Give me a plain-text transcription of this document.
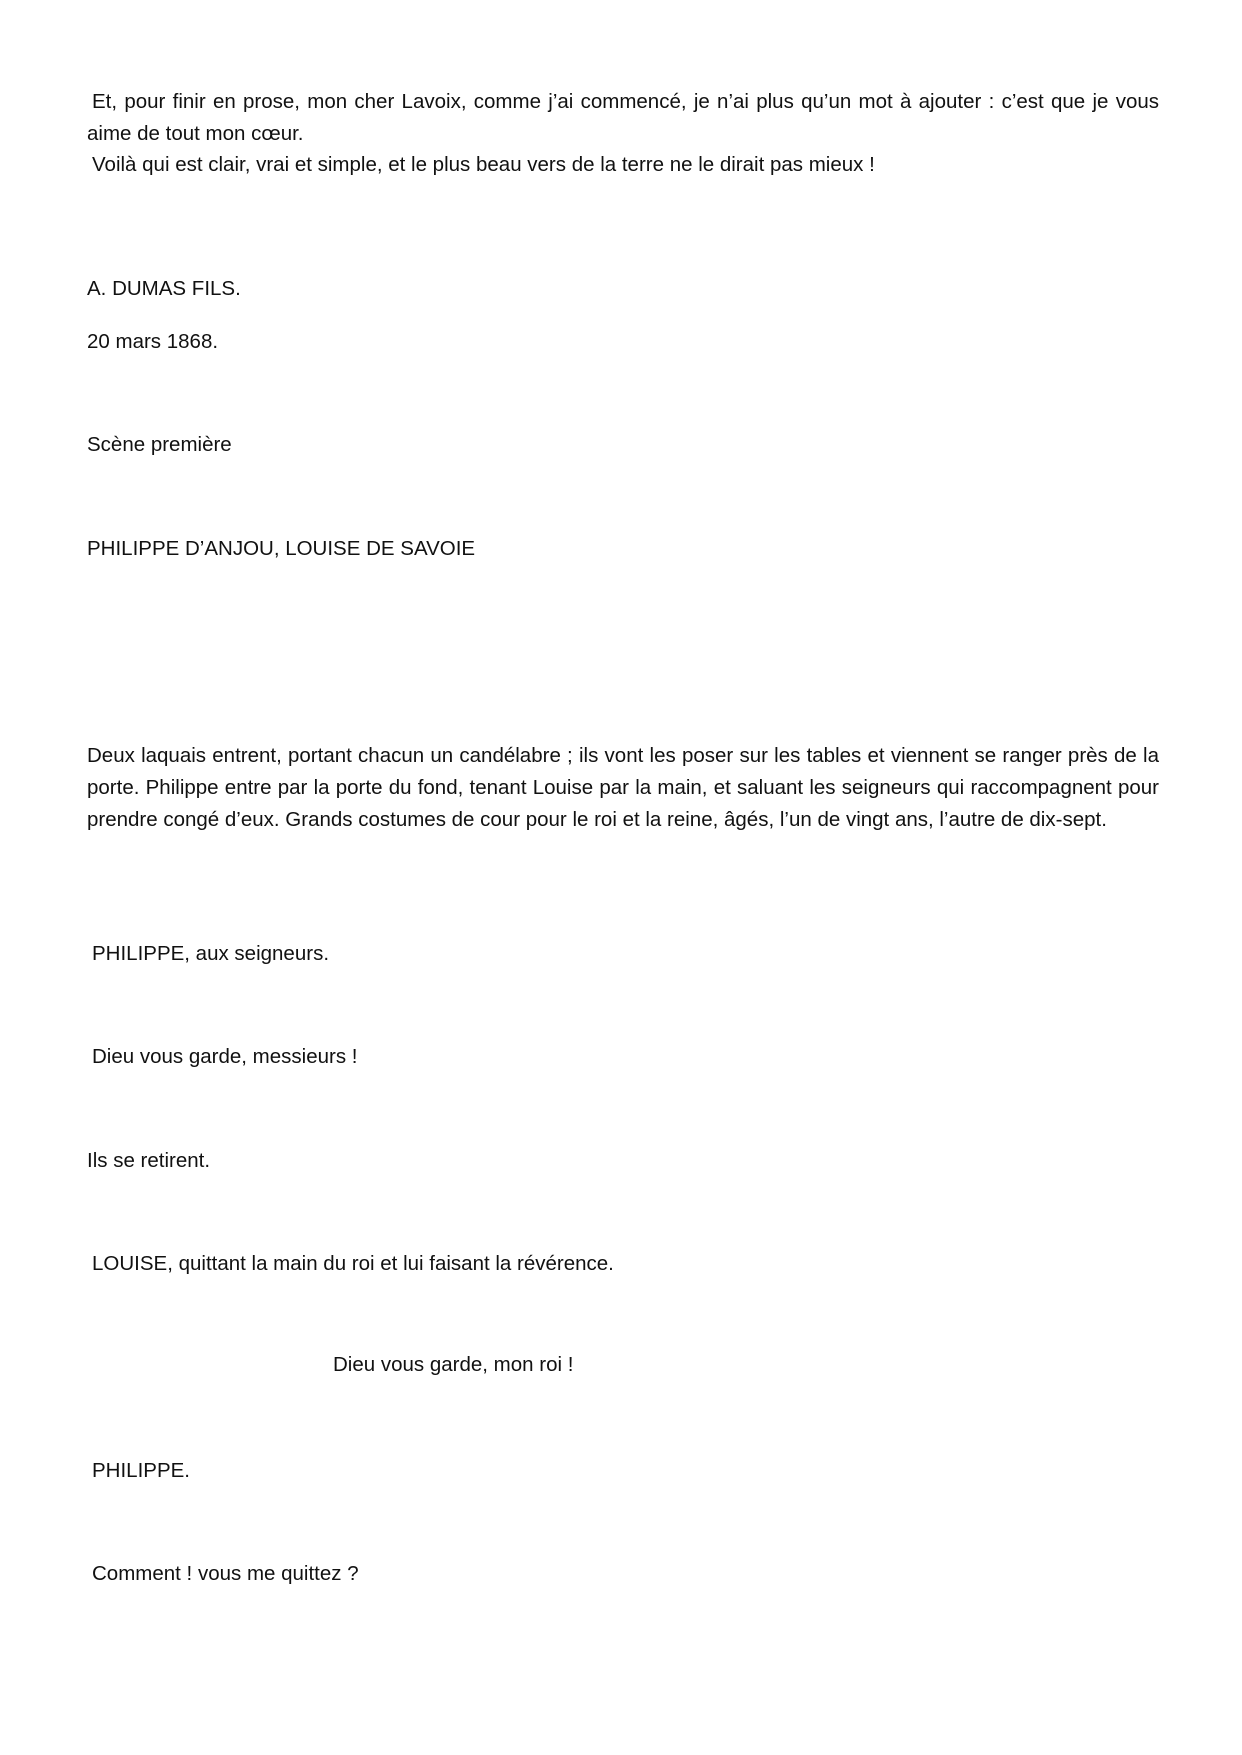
Et, pour finir en prose, mon cher Lavoix, comme j’ai commencé, je n’ai plus qu’un mot à ajouter : c’est que je vous aime de tout mon cœur.

Voilà qui est clair, vrai et simple, et le plus beau vers de la terre ne le dirait pas mieux !

A. DUMAS FILS.

20 mars 1868.

Scène première

PHILIPPE D’ANJOU, LOUISE DE SAVOIE

Deux laquais entrent, portant chacun un candélabre ; ils vont les poser sur les tables et viennent se ranger près de la porte. Philippe entre par la porte du fond, tenant Louise par la main, et saluant les seigneurs qui raccompagnent pour prendre congé d’eux. Grands costumes de cour pour le roi et la reine, âgés, l’un de vingt ans, l’autre de dix-sept.

PHILIPPE, aux seigneurs.

Dieu vous garde, messieurs !

Ils se retirent.

LOUISE, quittant la main du roi et lui faisant la révérence.

Dieu vous garde, mon roi !

PHILIPPE.

Comment ! vous me quittez ?
